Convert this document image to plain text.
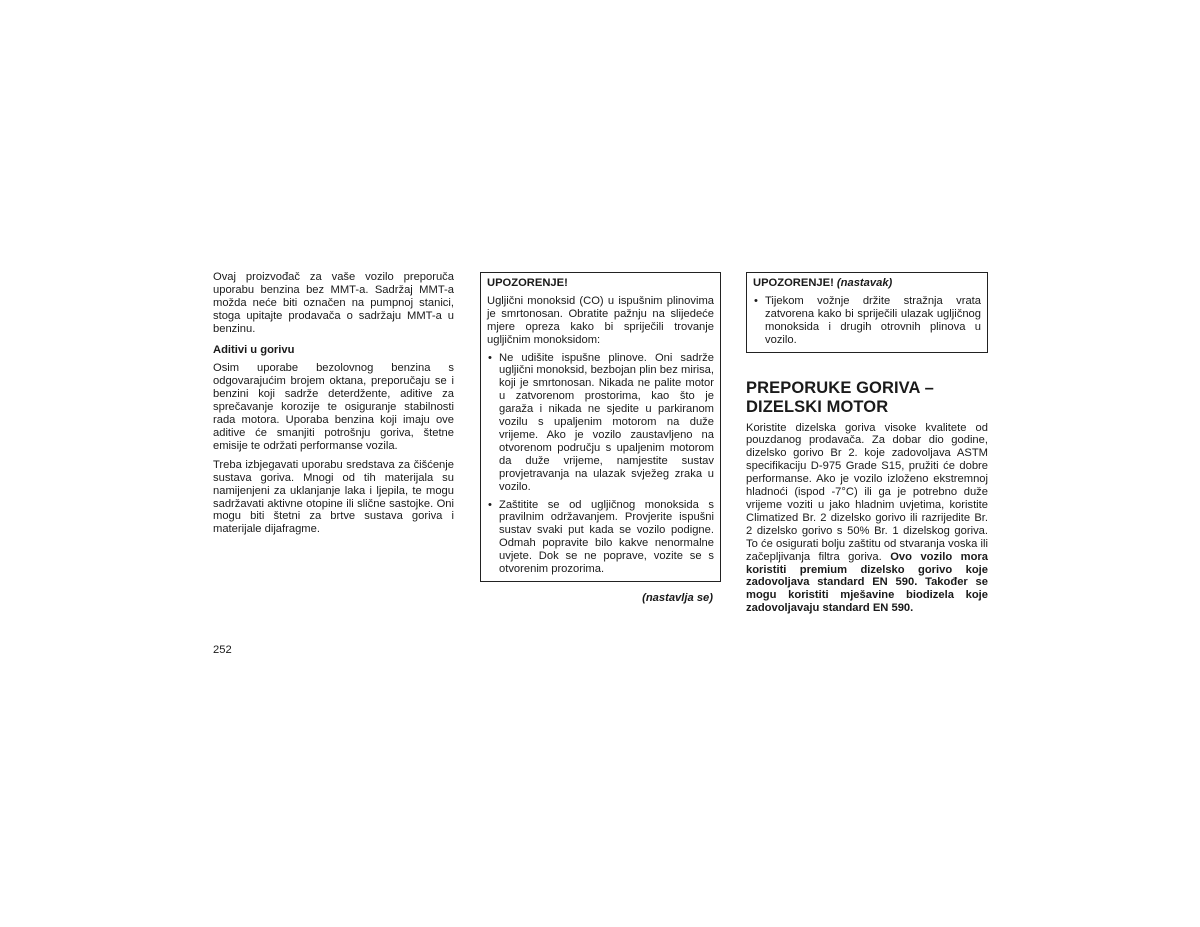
Ovaj proizvođač za vaše vozilo preporuča uporabu benzina bez MMT-a. Sadržaj MMT-a možda neće biti označen na pumpnoj stanici, stoga upitajte prodavača o sadržaju MMT-a u benzinu.

Aditivi u gorivu

Osim uporabe bezolovnog benzina s odgovarajućim brojem oktana, preporučaju se i benzini koji sadrže deterdžente, aditive za sprečavanje korozije te osiguranje stabilnosti rada motora. Uporaba benzina koji imaju ove aditive će smanjiti potrošnju goriva, štetne emisije te održati performanse vozila.

Treba izbjegavati uporabu sredstava za čišćenje sustava goriva. Mnogi od tih materijala su namijenjeni za uklanjanje laka i ljepila, te mogu sadržavati aktivne otopine ili slične sastojke. Oni mogu biti štetni za brtve sustava goriva i materijale dijafragme.

UPOZORENJE!

Ugljični monoksid (CO) u ispušnim plinovima je smrtonosan. Obratite pažnju na slijedeće mjere opreza kako bi spriječili trovanje ugljičnim monoksidom:

• Ne udišite ispušne plinove. Oni sadrže ugljični monoksid, bezbojan plin bez mirisa, koji je smrtonosan. Nikada ne palite motor u zatvorenom prostorima, kao što je garaža i nikada ne sjedite u parkiranom vozilu s upaljenim motorom na duže vrijeme. Ako je vozilo zaustavljeno na otvorenom području s upaljenim motorom da duže vrijeme, namjestite sustav provjetravanja na ulazak svježeg zraka u vozilo.
• Zaštitite se od ugljičnog monoksida s pravilnim održavanjem. Provjerite ispušni sustav svaki put kada se vozilo podigne. Odmah popravite bilo kakve nenormalne uvjete. Dok se ne poprave, vozite se s otvorenim prozorima.
(nastavlja se)
UPOZORENJE! (nastavak)
• Tijekom vožnje držite stražnja vrata zatvorena kako bi spriječili ulazak ugljičnog monoksida i drugih otrovnih plinova u vozilo.
PREPORUKE GORIVA –
DIZELSKI MOTOR

Koristite dizelska goriva visoke kvalitete od pouzdanog prodavača. Za dobar dio godine, dizelsko gorivo Br 2. koje zadovoljava ASTM specifikaciju D-975 Grade S15, pružiti će dobre performanse. Ako je vozilo izloženo ekstremnoj hladnoći (ispod -7°C) ili ga je potrebno duže vrijeme voziti u jako hladnim uvjetima, koristite Climatized Br. 2 dizelsko gorivo ili razrijedite Br. 2 dizelsko gorivo s 50% Br. 1 dizelskog goriva. To će osigurati bolju zaštitu od stvaranja voska ili začepljivanja filtra goriva. Ovo vozilo mora koristiti premium dizelsko gorivo koje zadovoljava standard EN 590. Također se mogu koristiti mješavine biodizela koje zadovoljavaju standard EN 590.

252
